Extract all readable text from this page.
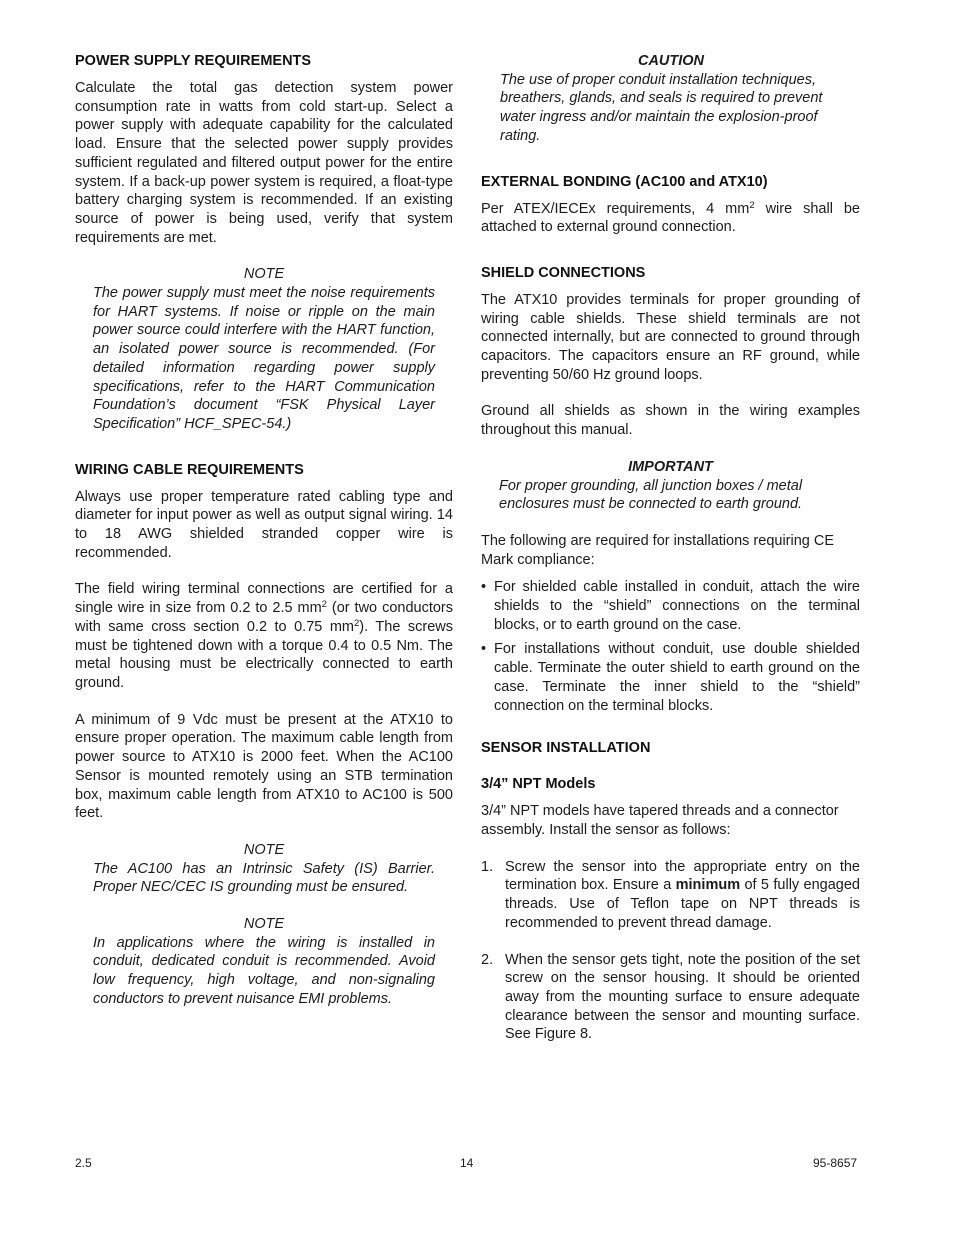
POWER SUPPLY REQUIREMENTS

Calculate the total gas detection system power consumption rate in watts from cold start-up. Select a power supply with adequate capability for the calculated load. Ensure that the selected power supply provides sufficient regulated and filtered output power for the entire system. If a back-up power system is required, a float-type battery charging system is recommended. If an existing source of power is being used, verify that system requirements are met.

NOTE
The power supply must meet the noise requirements for HART systems. If noise or ripple on the main power source could interfere with the HART function, an isolated power source is recommended. (For detailed information regarding power supply specifications, refer to the HART Communication Foundation’s document “FSK Physical Layer Specification” HCF_SPEC-54.)
WIRING CABLE REQUIREMENTS

Always use proper temperature rated cabling type and diameter for input power as well as output signal wiring. 14 to 18 AWG shielded stranded copper wire is recommended.

The field wiring terminal connections are certified for a single wire in size from 0.2 to 2.5 $mm^2$ (or two conductors with same cross section 0.2 to 0.75 $mm^2$). The screws must be tightened down with a torque 0.4 to 0.5 Nm. The metal housing must be electrically connected to earth ground.

A minimum of 9 Vdc must be present at the ATX10 to ensure proper operation. The maximum cable length from power source to ATX10 is 2000 feet. When the AC100 Sensor is mounted remotely using an STB termination box, maximum cable length from ATX10 to AC100 is 500 feet.

NOTE
The AC100 has an Intrinsic Safety (IS) Barrier. Proper NEC/CEC IS grounding must be ensured.
NOTE
In applications where the wiring is installed in conduit, dedicated conduit is recommended. Avoid low frequency, high voltage, and non-signaling conductors to prevent nuisance EMI problems.
CAUTION
The use of proper conduit installation techniques, breathers, glands, and seals is required to prevent water ingress and/or maintain the explosion-proof rating.
EXTERNAL BONDING (AC100 and ATX10)

Per ATEX/IECEx requirements, 4 $mm^2$ wire shall be attached to external ground connection.

SHIELD CONNECTIONS

The ATX10 provides terminals for proper grounding of wiring cable shields. These shield terminals are not connected internally, but are connected to ground through capacitors. The capacitors ensure an RF ground, while preventing 50/60 Hz ground loops.

Ground all shields as shown in the wiring examples throughout this manual.

IMPORTANT
For proper grounding, all junction boxes / metal enclosures must be connected to earth ground.

The following are required for installations requiring CE Mark compliance:

• For shielded cable installed in conduit, attach the wire shields to the “shield” connections on the terminal blocks, or to earth ground on the case.
• For installations without conduit, use double shielded cable. Terminate the outer shield to earth ground on the case. Terminate the inner shield to the “shield” connection on the terminal blocks.
SENSOR INSTALLATION
3/4” NPT Models

3/4” NPT models have tapered threads and a connector assembly. Install the sensor as follows:

1. Screw the sensor into the appropriate entry on the termination box. Ensure a minimum of 5 fully engaged threads. Use of Teflon tape on NPT threads is recommended to prevent thread damage.
2. When the sensor gets tight, note the position of the set screw on the sensor housing. It should be oriented away from the mounting surface to ensure adequate clearance between the sensor and mounting surface. See Figure 8.
2.5	14	95-8657
